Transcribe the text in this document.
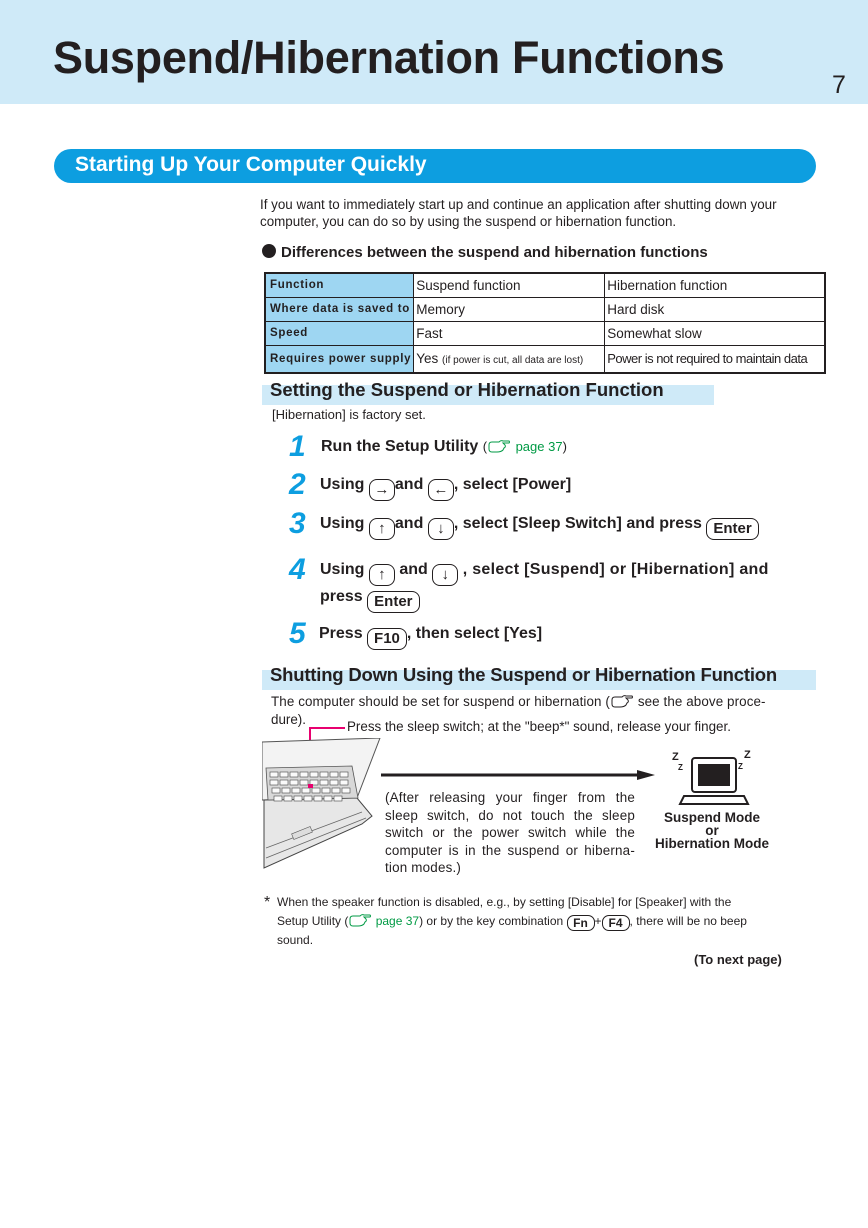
Suspend/Hibernation Functions
7
Starting Up Your Computer Quickly
If you want to immediately start up and continue an application after shutting down your computer, you can do so by using the suspend or hibernation function.
Differences between the suspend and hibernation functions
Function	Suspend function	Hibernation function
Where data is saved to	Memory	Hard disk
Speed	Fast	Somewhat slow
Requires power supply	Yes (if power is cut, all data are lost)	Power is not required to maintain data
Setting the Suspend or Hibernation Function
[Hibernation] is factory set.
1 Run the Setup Utility ( page 37)
2 Using → and ← , select [Power]
3 Using ↑ and ↓ , select [Sleep Switch] and press Enter
4 Using ↑ and ↓ , select [Suspend] or [Hibernation] and
press Enter
5 Press F10 , then select [Yes]
Shutting Down Using the Suspend or Hibernation Function
The computer should be set for suspend or hibernation ( see the above proce-
dure).	Press the sleep switch; at the "beep*" sound, release your finger.
(After releasing your finger from the sleep switch, do not touch the sleep switch or the power switch while the computer is in the suspend or hiberna-tion modes.)
Z
Z
Z
Z
Suspend Mode
or
Hibernation Mode
* When the speaker function is disabled, e.g., by setting [Disable] for [Speaker] with the
Setup Utility ( page 37) or by the key combination Fn + F4 , there will be no beep
sound.
(To next page)
